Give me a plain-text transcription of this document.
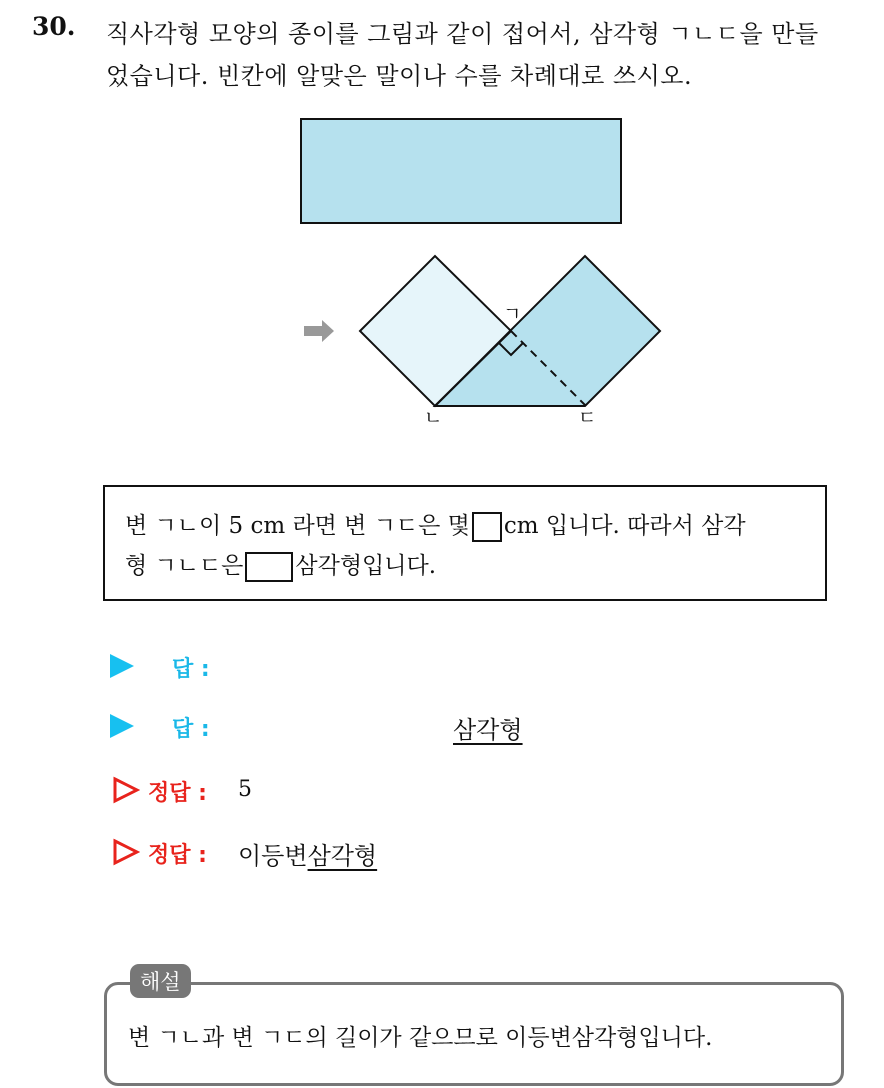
30. 직사각형 모양의 종이를 그림과 같이 접어서, 삼각형 ㄱㄴㄷ을 만들
었습니다. 빈칸에 알맞은 말이나 수를 차례대로 쓰시오.
ㄱ
ㄴ	ㄷ
변 ㄱㄴ이 5 cm 라면 변 ㄱㄷ은 몇 cm 입니다. 따라서 삼각
형 ㄱㄴㄷ은 삼각형입니다.
답 :
답 :	삼각형
정답 : 5
정답 : 이등변삼각형
해설
변 ㄱㄴ과 변 ㄱㄷ의 길이가 같으므로 이등변삼각형입니다.
